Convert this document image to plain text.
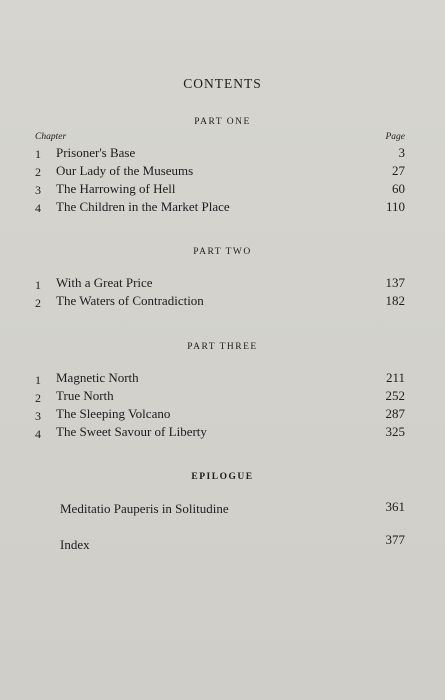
CONTENTS
PART ONE
Chapter	Page
1	Prisoner's Base	3
2	Our Lady of the Museums	27
3	The Harrowing of Hell	60
4	The Children in the Market Place	110
PART TWO
1	With a Great Price	137
2	The Waters of Contradiction	182
PART THREE
1	Magnetic North	211
2	True North	252
3	The Sleeping Volcano	287
4	The Sweet Savour of Liberty	325
EPILOGUE
Meditatio Pauperis in Solitudine	361
Index	377
